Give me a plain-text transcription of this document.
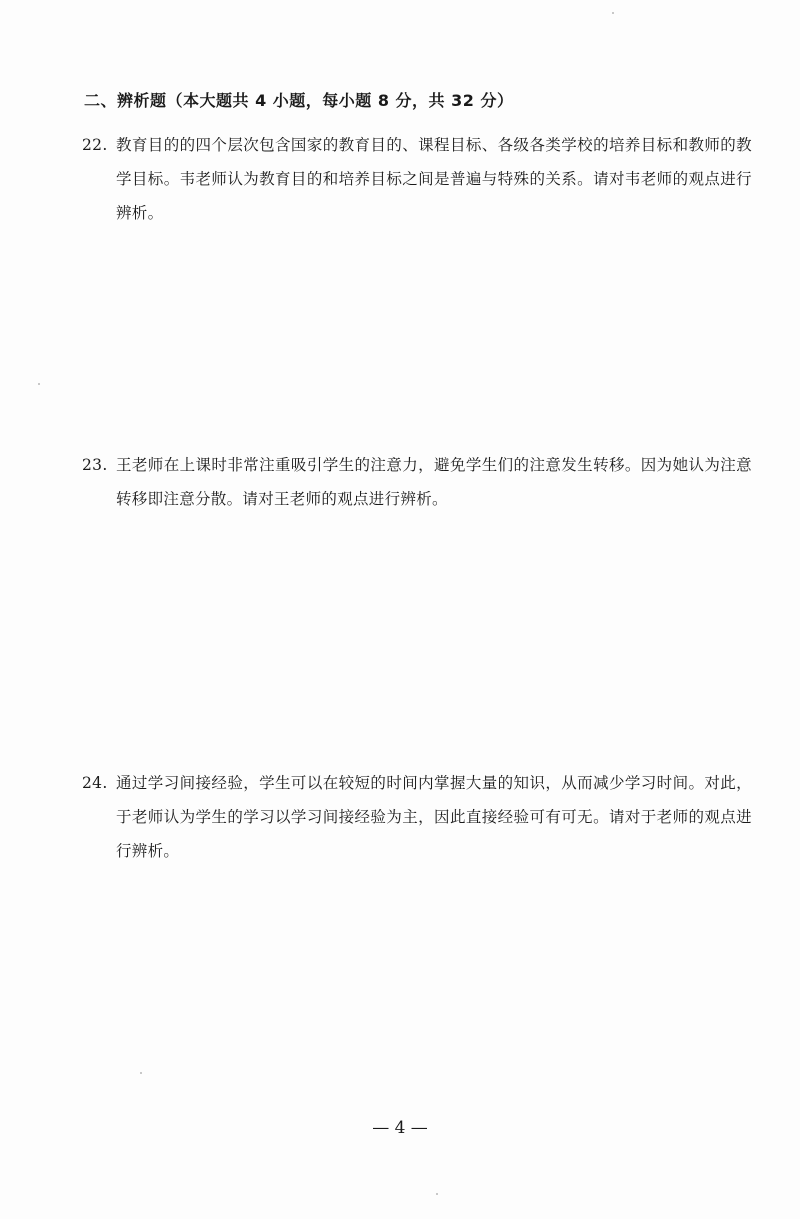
二、辨析题（本大题共 4 小题，每小题 8 分，共 32 分）
22. 教育目的的四个层次包含国家的教育目的、课程目标、各级各类学校的培养目标和教师的教学目标。韦老师认为教育目的和培养目标之间是普遍与特殊的关系。请对韦老师的观点进行辨析。
23. 王老师在上课时非常注重吸引学生的注意力，避免学生们的注意发生转移。因为她认为注意转移即注意分散。请对王老师的观点进行辨析。
24. 通过学习间接经验，学生可以在较短的时间内掌握大量的知识，从而减少学习时间。对此，于老师认为学生的学习以学习间接经验为主，因此直接经验可有可无。请对于老师的观点进行辨析。
— 4 —
